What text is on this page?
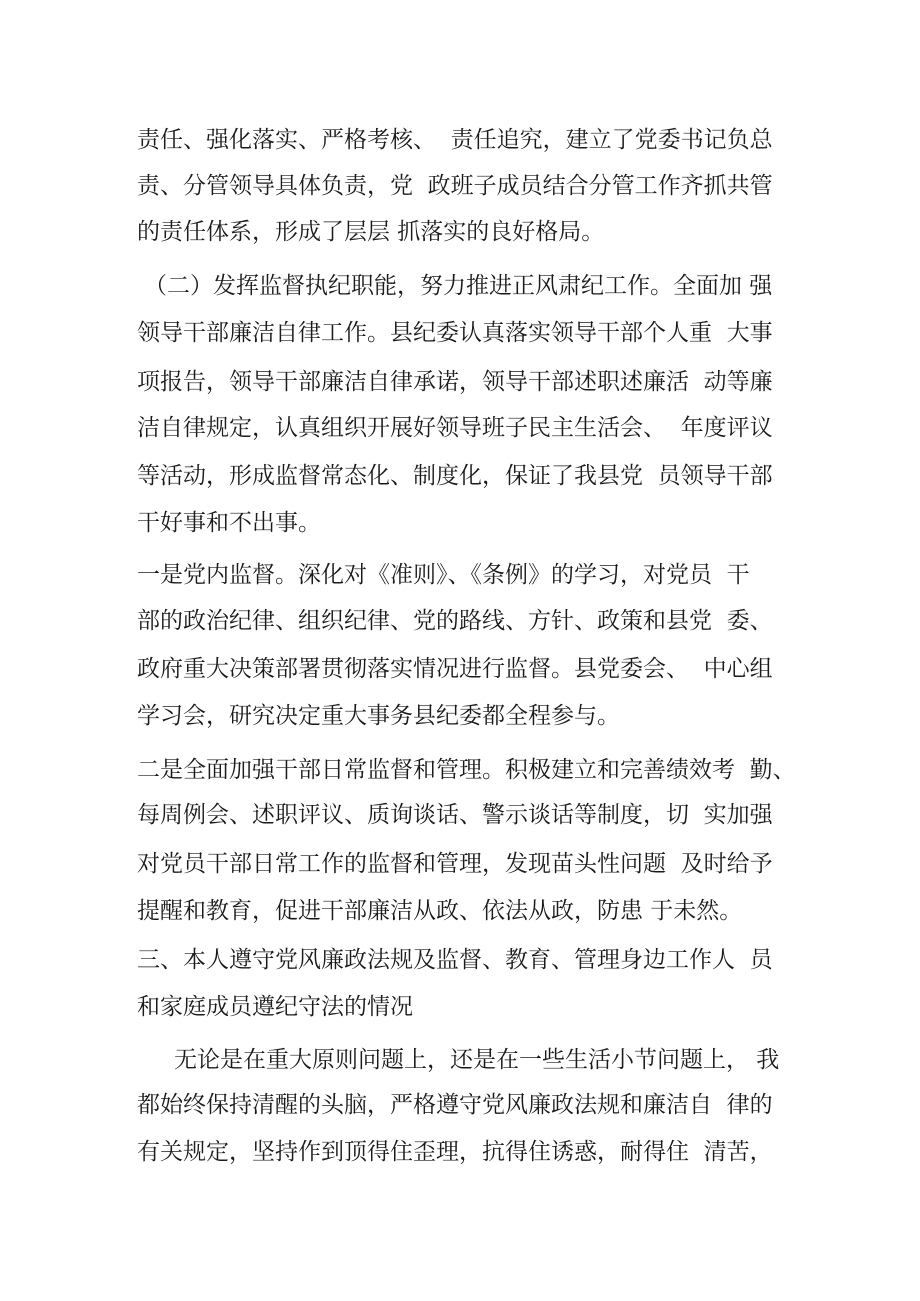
责任、强化落实、严格考核、  责任追究，建立了党委书记负总
责、分管领导具体负责，党  政班子成员结合分管工作齐抓共管
的责任体系，形成了层层 抓落实的良好格局。
（二）发挥监督执纪职能，努力推进正风肃纪工作。全面加 强
领导干部廉洁自律工作。县纪委认真落实领导干部个人重  大事
项报告，领导干部廉洁自律承诺，领导干部述职述廉活  动等廉
洁自律规定，认真组织开展好领导班子民主生活会、  年度评议
等活动，形成监督常态化、制度化，保证了我县党  员领导干部
干好事和不出事。
一是党内监督。深化对《准则》、《条例》的学习，对党员  干
部的政治纪律、组织纪律、党的路线、方针、政策和县党  委、
政府重大决策部署贯彻落实情况进行监督。县党委会、  中心组
学习会，研究决定重大事务县纪委都全程参与。
二是全面加强干部日常监督和管理。积极建立和完善绩效考  勤、
每周例会、述职评议、质询谈话、警示谈话等制度，切  实加强
对党员干部日常工作的监督和管理，发现苗头性问题  及时给予
提醒和教育，促进干部廉洁从政、依法从政，防患 于未然。
三、本人遵守党风廉政法规及监督、教育、管理身边工作人  员
和家庭成员遵纪守法的情况
无论是在重大原则问题上，还是在一些生活小节问题上， 我
都始终保持清醒的头脑，严格遵守党风廉政法规和廉洁自  律的
有关规定，坚持作到顶得住歪理，抗得住诱惑，耐得住  清苦，
